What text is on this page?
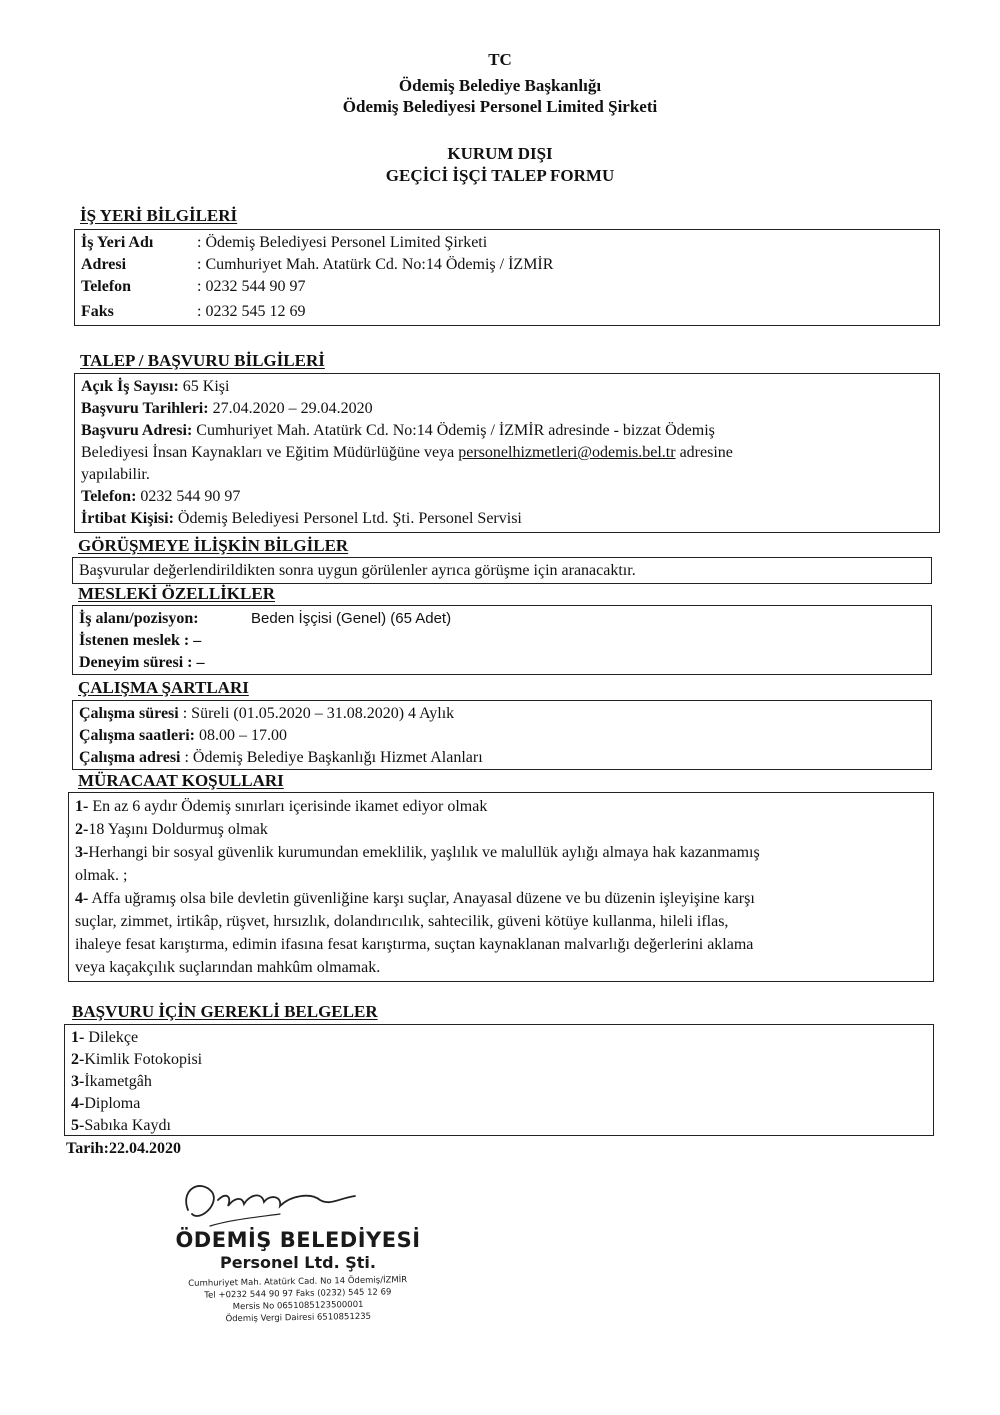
TC
Ödemiş Belediye Başkanlığı
Ödemiş Belediyesi Personel Limited Şirketi
KURUM DIŞI
GEÇİCİ İŞÇİ TALEP FORMU
İŞ YERİ BİLGİLERİ
İş Yeri Adı	: Ödemiş Belediyesi Personel Limited Şirketi
Adresi	: Cumhuriyet Mah. Atatürk Cd. No:14 Ödemiş / İZMİR
Telefon	: 0232 544 90 97
Faks	: 0232 545 12 69
TALEP / BAŞVURU BİLGİLERİ
Açık İş Sayısı: 65 Kişi
Başvuru Tarihleri: 27.04.2020 – 29.04.2020
Başvuru Adresi: Cumhuriyet Mah. Atatürk Cd. No:14 Ödemiş / İZMİR adresinde - bizzat Ödemiş
Belediyesi İnsan Kaynakları ve Eğitim Müdürlüğüne veya personelhizmetleri@odemis.bel.tr adresine
yapılabilir.
Telefon: 0232 544 90 97
İrtibat Kişisi: Ödemiş Belediyesi Personel Ltd. Şti. Personel Servisi
GÖRÜŞMEYE İLİŞKİN BİLGİLER
Başvurular değerlendirildikten sonra uygun görülenler ayrıca görüşme için aranacaktır.
MESLEKİ ÖZELLİKLER
İş alanı/pozisyon:	Beden İşçisi (Genel) (65 Adet)
İstenen meslek : –
Deneyim süresi : –
ÇALIŞMA ŞARTLARI
Çalışma süresi : Süreli (01.05.2020 – 31.08.2020) 4 Aylık
Çalışma saatleri: 08.00 – 17.00
Çalışma adresi : Ödemiş Belediye Başkanlığı Hizmet Alanları
MÜRACAAT KOŞULLARI
1- En az 6 aydır Ödemiş sınırları içerisinde ikamet ediyor olmak
2-18 Yaşını Doldurmuş olmak
3-Herhangi bir sosyal güvenlik kurumundan emeklilik, yaşlılık ve malullük aylığı almaya hak kazanmamış
olmak. ;
4- Affa uğramış olsa bile devletin güvenliğine karşı suçlar, Anayasal düzene ve bu düzenin işleyişine karşı
suçlar, zimmet, irtikâp, rüşvet, hırsızlık, dolandırıcılık, sahtecilik, güveni kötüye kullanma, hileli iflas,
ihaleye fesat karıştırma, edimin ifasına fesat karıştırma, suçtan kaynaklanan malvarlığı değerlerini aklama
veya kaçakçılık suçlarından mahkûm olmamak.
BAŞVURU İÇİN GEREKLİ BELGELER
1- Dilekçe
2-Kimlik Fotokopisi
3-İkametgâh
4-Diploma
5-Sabıka Kaydı
Tarih:22.04.2020
ÖDEMİŞ BELEDİYESİ
Personel Ltd. Şti.
Cumhuriyet Mah. Atatürk Cad. No 14 Ödemiş/İZMİR
Tel +0232 544 90 97 Faks (0232) 545 12 69
Mersis No 0651085123500001
Ödemiş Vergi Dairesi 6510851235
